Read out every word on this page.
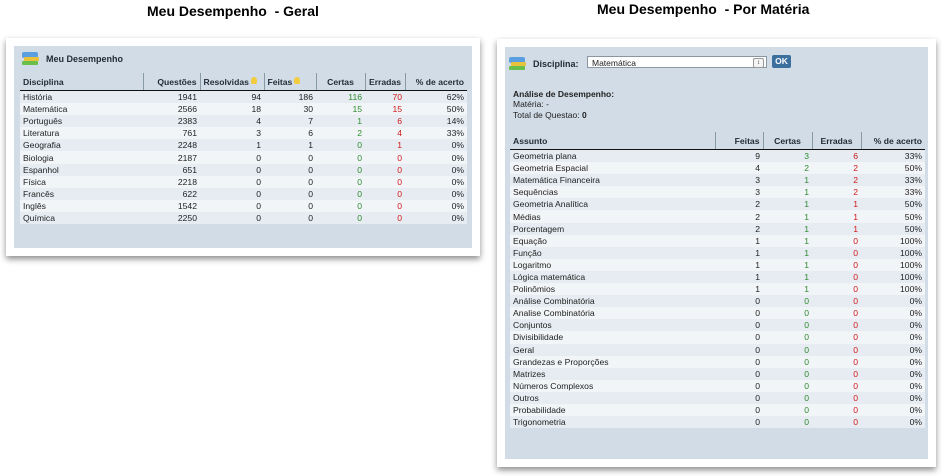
Meu Desempenho  - Geral	Meu Desempenho  - Por Matéria
Meu Desempenho
Disciplina	Questões	Resolvidas	Feitas	Certas	Erradas	% de acerto
História	1941	94	186	116	70	62%
Matemática	2566	18	30	15	15	50%
Português	2383	4	7	1	6	14%
Literatura	761	3	6	2	4	33%
Geografia	2248	1	1	0	1	0%
Biologia	2187	0	0	0	0	0%
Espanhol	651	0	0	0	0	0%
Física	2218	0	0	0	0	0%
Francês	622	0	0	0	0	0%
Inglês	1542	0	0	0	0	0%
Química	2250	0	0	0	0	0%
Disciplina:	Matemática	↕	OK
Análise de Desempenho:
Matéria: -
Total de Questao: 0
Assunto	Feitas	Certas	Erradas	% de acerto
Geometria plana	9	3	6	33%
Geometria Espacial	4	2	2	50%
Matemática Financeira	3	1	2	33%
Sequências	3	1	2	33%
Geometria Analítica	2	1	1	50%
Médias	2	1	1	50%
Porcentagem	2	1	1	50%
Equação	1	1	0	100%
Função	1	1	0	100%
Logaritmo	1	1	0	100%
Lógica matemática	1	1	0	100%
Polinômios	1	1	0	100%
Análise Combinatória	0	0	0	0%
Analise Combinatória	0	0	0	0%
Conjuntos	0	0	0	0%
Divisibilidade	0	0	0	0%
Geral	0	0	0	0%
Grandezas e Proporções	0	0	0	0%
Matrizes	0	0	0	0%
Números Complexos	0	0	0	0%
Outros	0	0	0	0%
Probabilidade	0	0	0	0%
Trigonometria	0	0	0	0%
